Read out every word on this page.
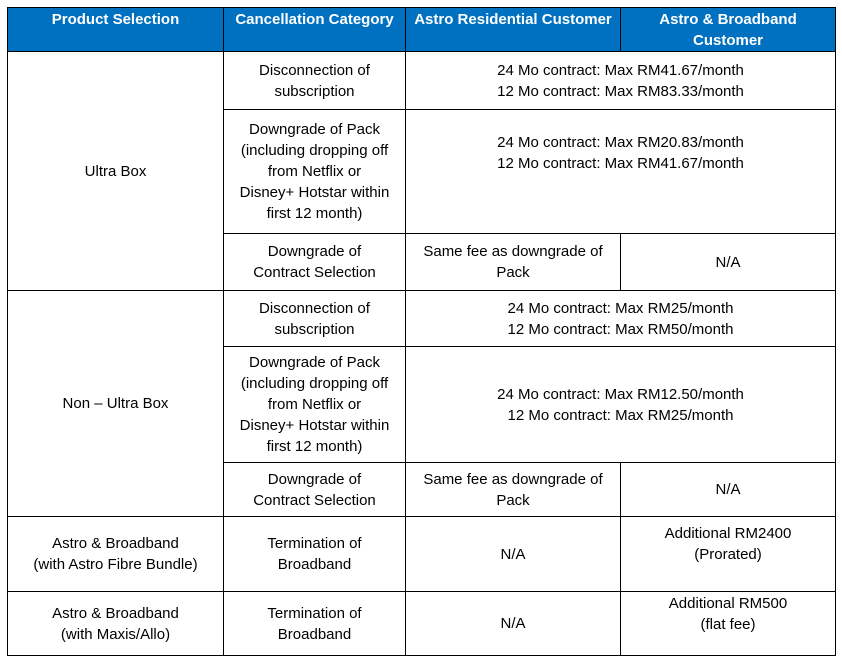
Product Selection	Cancellation Category	Astro Residential Customer	Astro & Broadband
Customer

Ultra Box	Disconnection of
subscription	24 Mo contract: Max RM41.67/month
12 Mo contract: Max RM83.33/month	

	Downgrade of Pack
(including dropping off
from Netflix or
Disney+ Hotstar within
first 12 month)	24 Mo contract: Max RM20.83/month
12 Mo contract: Max RM41.67/month	

	Downgrade of
Contract Selection	Same fee as downgrade of
Pack	N/A

Non – Ultra Box	Disconnection of
subscription	24 Mo contract: Max RM25/month
12 Mo contract: Max RM50/month	

	Downgrade of Pack
(including dropping off
from Netflix or
Disney+ Hotstar within
first 12 month)	24 Mo contract: Max RM12.50/month
12 Mo contract: Max RM25/month	

	Downgrade of
Contract Selection	Same fee as downgrade of
Pack	N/A

Astro & Broadband
(with Astro Fibre Bundle)	Termination of
Broadband	N/A	Additional RM2400
(Prorated)

Astro & Broadband
(with Maxis/Allo)	Termination of
Broadband	N/A	Additional RM500
(flat fee)
